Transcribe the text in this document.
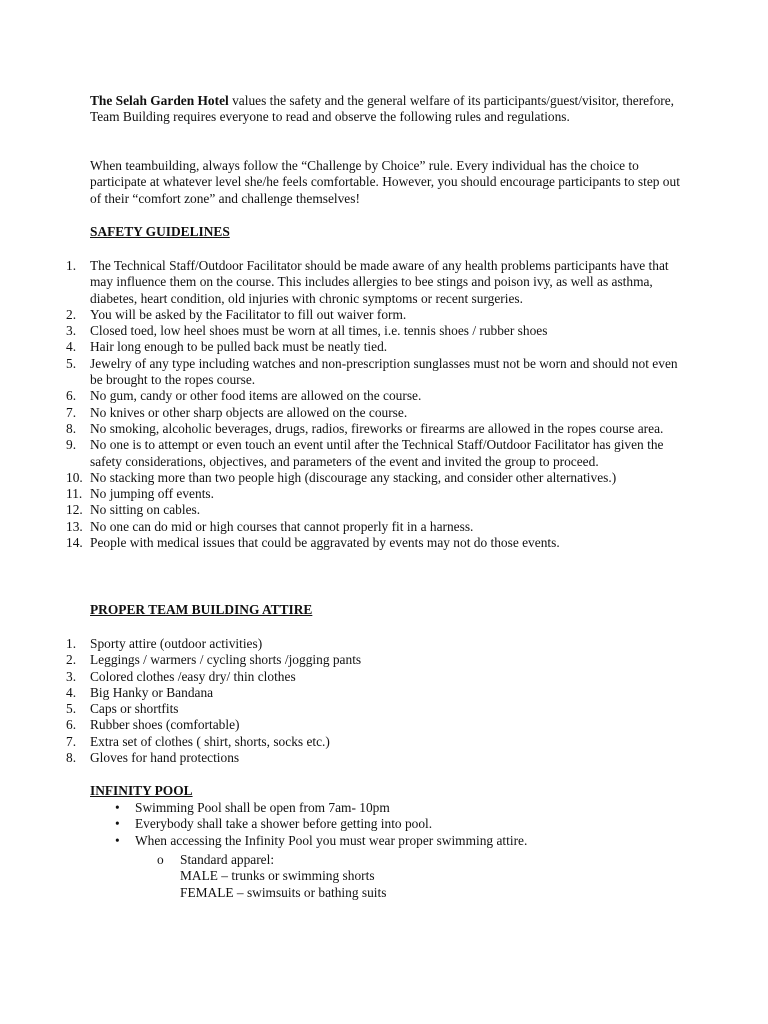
The Selah Garden Hotel values the safety and the general welfare of its participants/guest/visitor, therefore, Team Building requires everyone to read and observe the following rules and regulations.

When teambuilding, always follow the “Challenge by Choice” rule. Every individual has the choice to participate at whatever level she/he feels comfortable. However, you should encourage participants to step out of their “comfort zone” and challenge themselves!

SAFETY GUIDELINES
1.	The Technical Staff/Outdoor Facilitator should be made aware of any health problems participants have that may influence them on the course. This includes allergies to bee stings and poison ivy, as well as asthma, diabetes, heart condition, old injuries with chronic symptoms or recent surgeries.
2.	You will be asked by the Facilitator to fill out waiver form.
3.	Closed toed, low heel shoes must be worn at all times, i.e. tennis shoes / rubber shoes
4.	Hair long enough to be pulled back must be neatly tied.
5.	Jewelry of any type including watches and non-prescription sunglasses must not be worn and should not even be brought to the ropes course.
6.	No gum, candy or other food items are allowed on the course.
7.	No knives or other sharp objects are allowed on the course.
8.	No smoking, alcoholic beverages, drugs, radios, fireworks or firearms are allowed in the ropes course area.
9.	No one is to attempt or even touch an event until after the Technical Staff/Outdoor Facilitator has given the safety considerations, objectives, and parameters of the event and invited the group to proceed.
10. No stacking more than two people high (discourage any stacking, and consider other alternatives.)
11. No jumping off events.
12. No sitting on cables.
13. No one can do mid or high courses that cannot properly fit in a harness.
14. People with medical issues that could be aggravated by events may not do those events.
PROPER TEAM BUILDING ATTIRE
1.	Sporty attire (outdoor activities)
2.	Leggings / warmers / cycling shorts /jogging pants
3.	Colored clothes /easy dry/ thin clothes
4.	Big Hanky or Bandana
5.	Caps or shortfits
6.	Rubber shoes (comfortable)
7.	Extra set of clothes ( shirt, shorts, socks etc.)
8.	Gloves for hand protections
INFINITY POOL
• Swimming Pool shall be open from 7am- 10pm
• Everybody shall take a shower before getting into pool.
• When accessing the Infinity Pool you must wear proper swimming attire.
o Standard apparel:
MALE – trunks or swimming shorts
FEMALE – swimsuits or bathing suits
